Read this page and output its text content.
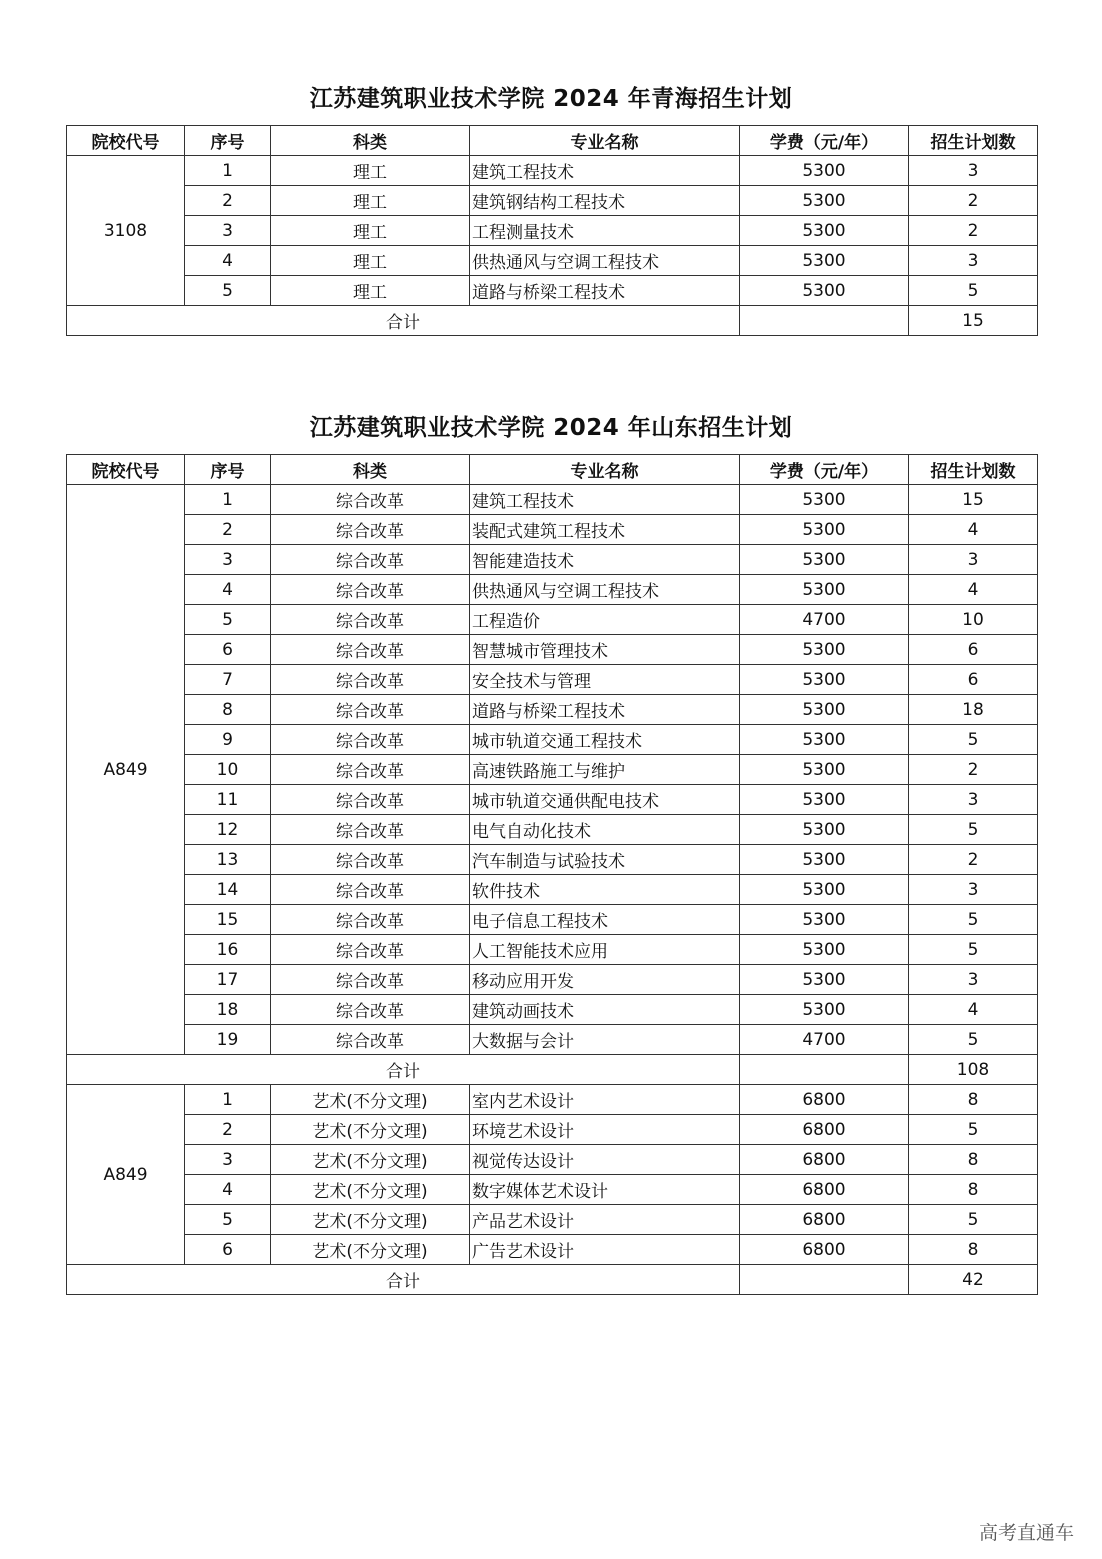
江苏建筑职业技术学院 2024 年青海招生计划
院校代号	序号	科类	专业名称	学费（元/年）	招生计划数
3108	1	理工	建筑工程技术	5300	3
	2	理工	建筑钢结构工程技术	5300	2
	3	理工	工程测量技术	5300	2
	4	理工	供热通风与空调工程技术	5300	3
	5	理工	道路与桥梁工程技术	5300	5
合计					15
江苏建筑职业技术学院 2024 年山东招生计划
院校代号	序号	科类	专业名称	学费（元/年）	招生计划数
A849	1	综合改革	建筑工程技术	5300	15
	2	综合改革	装配式建筑工程技术	5300	4
	3	综合改革	智能建造技术	5300	3
	4	综合改革	供热通风与空调工程技术	5300	4
	5	综合改革	工程造价	4700	10
	6	综合改革	智慧城市管理技术	5300	6
	7	综合改革	安全技术与管理	5300	6
	8	综合改革	道路与桥梁工程技术	5300	18
	9	综合改革	城市轨道交通工程技术	5300	5
	10	综合改革	高速铁路施工与维护	5300	2
	11	综合改革	城市轨道交通供配电技术	5300	3
	12	综合改革	电气自动化技术	5300	5
	13	综合改革	汽车制造与试验技术	5300	2
	14	综合改革	软件技术	5300	3
	15	综合改革	电子信息工程技术	5300	5
	16	综合改革	人工智能技术应用	5300	5
	17	综合改革	移动应用开发	5300	3
	18	综合改革	建筑动画技术	5300	4
	19	综合改革	大数据与会计	4700	5
合计					108
A849	1	艺术(不分文理)	室内艺术设计	6800	8
	2	艺术(不分文理)	环境艺术设计	6800	5
	3	艺术(不分文理)	视觉传达设计	6800	8
	4	艺术(不分文理)	数字媒体艺术设计	6800	8
	5	艺术(不分文理)	产品艺术设计	6800	5
	6	艺术(不分文理)	广告艺术设计	6800	8
合计					42
高考直通车
